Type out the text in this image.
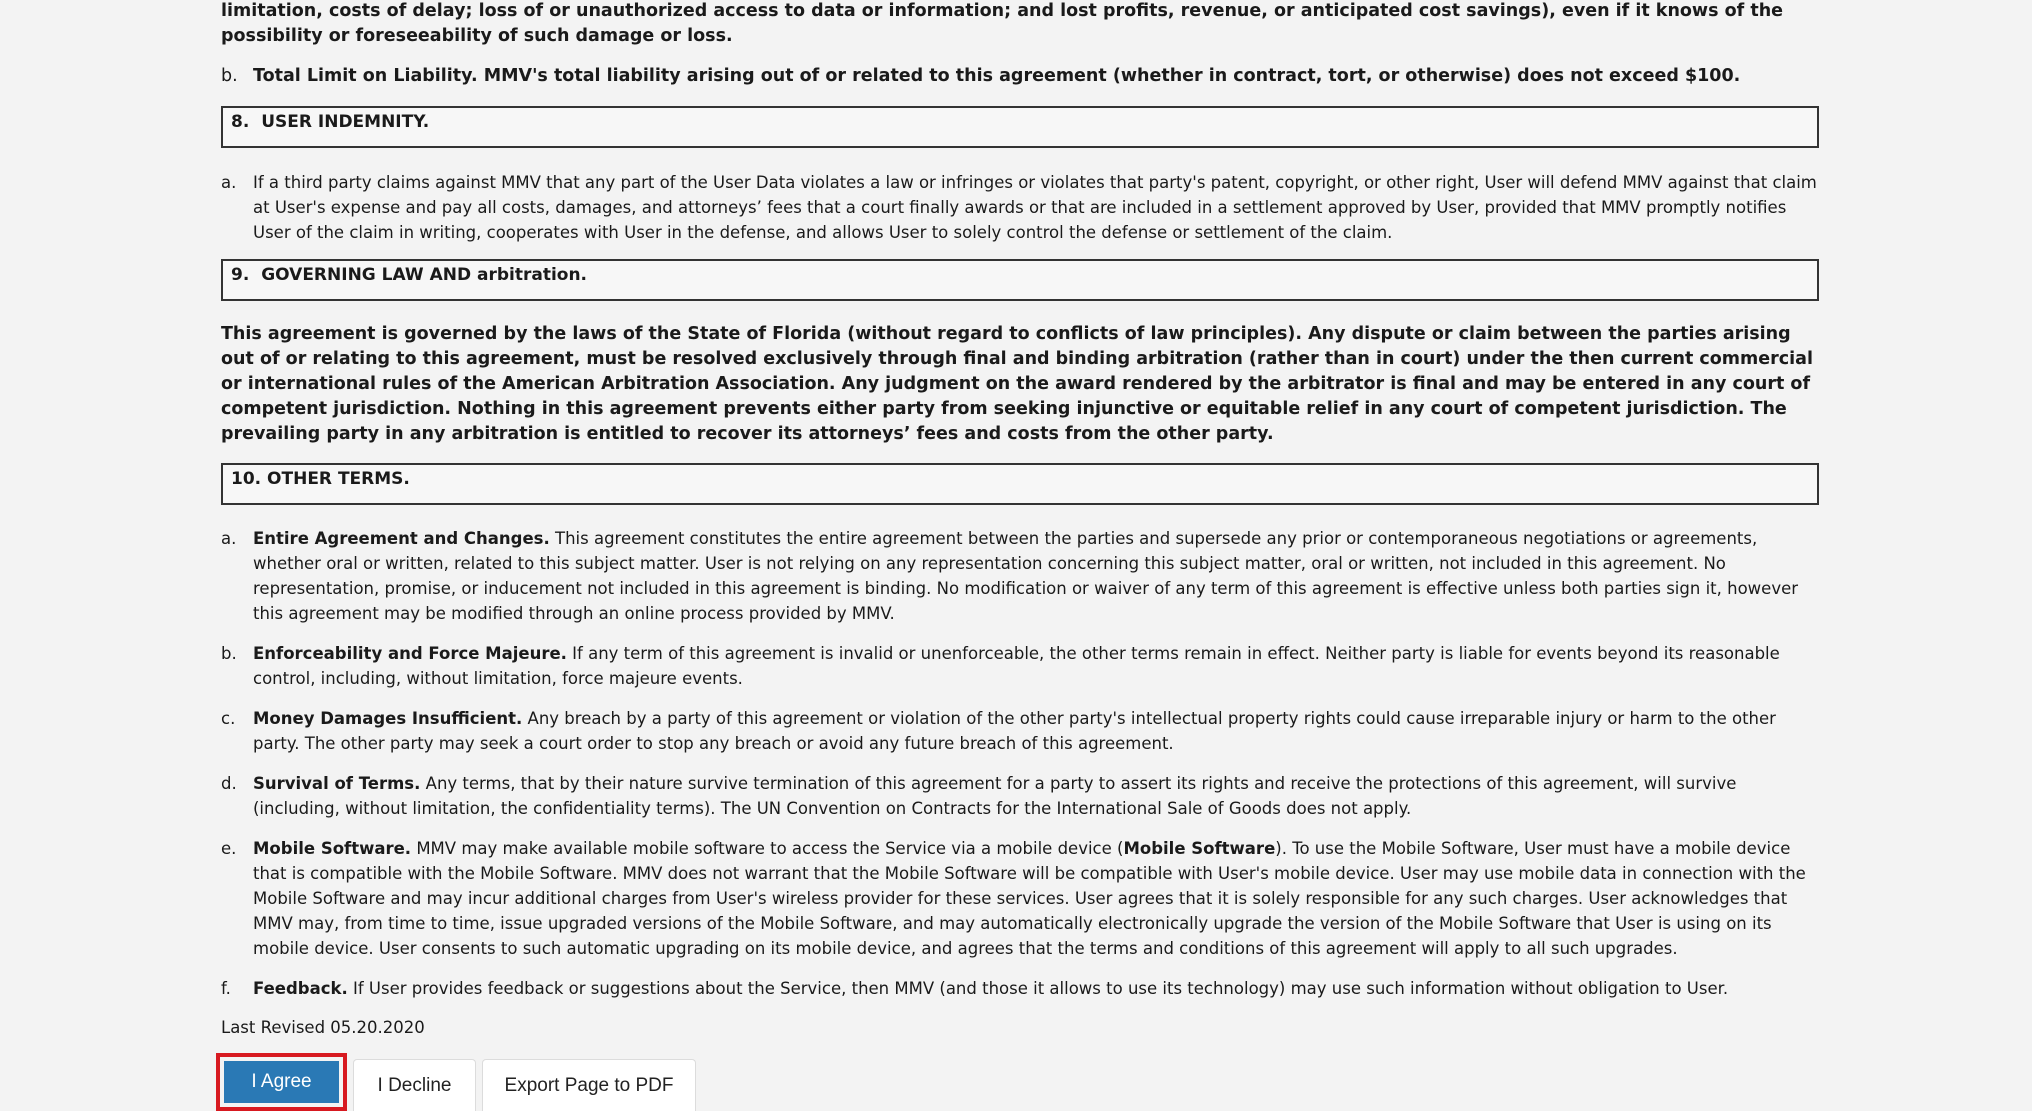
limitation, costs of delay; loss of or unauthorized access to data or information; and lost profits, revenue, or anticipated cost savings), even if it knows of the possibility or foreseeability of such damage or loss.

b. Total Limit on Liability. MMV's total liability arising out of or related to this agreement (whether in contract, tort, or otherwise) does not exceed $100.
8. USER INDEMNITY.
a.	If a third party claims against MMV that any part of the User Data violates a law or infringes or violates that party's patent, copyright, or other right, User will defend MMV against that claim at User's expense and pay all costs, damages, and attorneys’ fees that a court finally awards or that are included in a settlement approved by User, provided that MMV promptly notifies User of the claim in writing, cooperates with User in the defense, and allows User to solely control the defense or settlement of the claim.
9. GOVERNING LAW AND arbitration.

This agreement is governed by the laws of the State of Florida (without regard to conflicts of law principles). Any dispute or claim between the parties arising out of or relating to this agreement, must be resolved exclusively through final and binding arbitration (rather than in court) under the then current commercial or international rules of the American Arbitration Association. Any judgment on the award rendered by the arbitrator is final and may be entered in any court of competent jurisdiction. Nothing in this agreement prevents either party from seeking injunctive or equitable relief in any court of competent jurisdiction. The prevailing party in any arbitration is entitled to recover its attorneys’ fees and costs from the other party.

10. OTHER TERMS.
a.	Entire Agreement and Changes. This agreement constitutes the entire agreement between the parties and supersede any prior or contemporaneous negotiations or agreements, whether oral or written, related to this subject matter. User is not relying on any representation concerning this subject matter, oral or written, not included in this agreement. No representation, promise, or inducement not included in this agreement is binding. No modification or waiver of any term of this agreement is effective unless both parties sign it, however this agreement may be modified through an online process provided by MMV.
b. Enforceability and Force Majeure. If any term of this agreement is invalid or unenforceable, the other terms remain in effect. Neither party is liable for events beyond its reasonable control, including, without limitation, force majeure events.
c.	Money Damages Insufficient. Any breach by a party of this agreement or violation of the other party's intellectual property rights could cause irreparable injury or harm to the other party. The other party may seek a court order to stop any breach or avoid any future breach of this agreement.
d. Survival of Terms. Any terms, that by their nature survive termination of this agreement for a party to assert its rights and receive the protections of this agreement, will survive (including, without limitation, the confidentiality terms). The UN Convention on Contracts for the International Sale of Goods does not apply.
e.	Mobile Software. MMV may make available mobile software to access the Service via a mobile device (Mobile Software). To use the Mobile Software, User must have a mobile device that is compatible with the Mobile Software. MMV does not warrant that the Mobile Software will be compatible with User's mobile device. User may use mobile data in connection with the Mobile Software and may incur additional charges from User's wireless provider for these services. User agrees that it is solely responsible for any such charges. User acknowledges that MMV may, from time to time, issue upgraded versions of the Mobile Software, and may automatically electronically upgrade the version of the Mobile Software that User is using on its mobile device. User consents to such automatic upgrading on its mobile device, and agrees that the terms and conditions of this agreement will apply to all such upgrades.
f.	Feedback. If User provides feedback or suggestions about the Service, then MMV (and those it allows to use its technology) may use such information without obligation to User.
Last Revised 05.20.2020
I Agree	I Decline	Export Page to PDF
